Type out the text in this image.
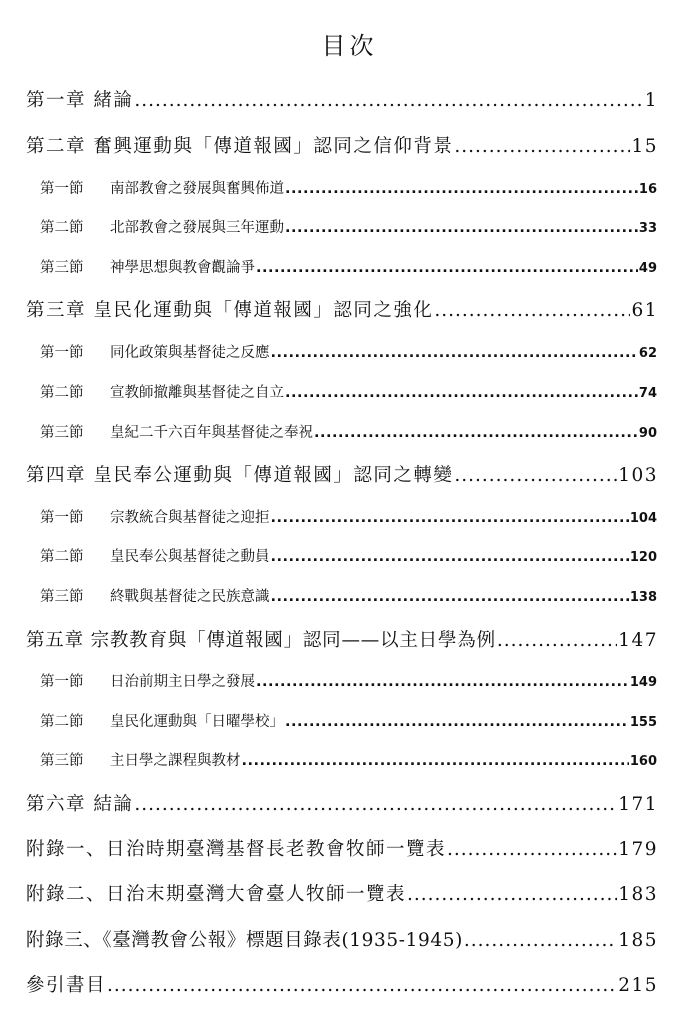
目次
第一章 緒論 .....	1
第二章 奮興運動與「傳道報國」認同之信仰背景 .....	15
第一節 南部教會之發展與奮興佈道 .....	16
第二節 北部教會之發展與三年運動 .....	33
第三節 神學思想與教會觀論爭 .....	49
第三章 皇民化運動與「傳道報國」認同之強化 .....	61
第一節 同化政策與基督徒之反應 .....	62
第二節 宣教師撤離與基督徒之自立 .....	74
第三節 皇紀二千六百年與基督徒之奉祝 .....	90
第四章 皇民奉公運動與「傳道報國」認同之轉變 .....	103
第一節 宗教統合與基督徒之迎拒 .....	104
第二節 皇民奉公與基督徒之動員 .....	120
第三節 終戰與基督徒之民族意識 .....	138
第五章 宗教教育與「傳道報國」認同——以主日學為例 .....	147
第一節 日治前期主日學之發展 .....	149
第二節 皇民化運動與「日曜學校」 .....	155
第三節 主日學之課程與教材 .....	160
第六章 結論 .....	171
附錄一、日治時期臺灣基督長老教會牧師一覽表 .....	179
附錄二、日治末期臺灣大會臺人牧師一覽表 .....	183
附錄三、《臺灣教會公報》標題目錄表(1935-1945) .....	185
參引書目 .....	215
